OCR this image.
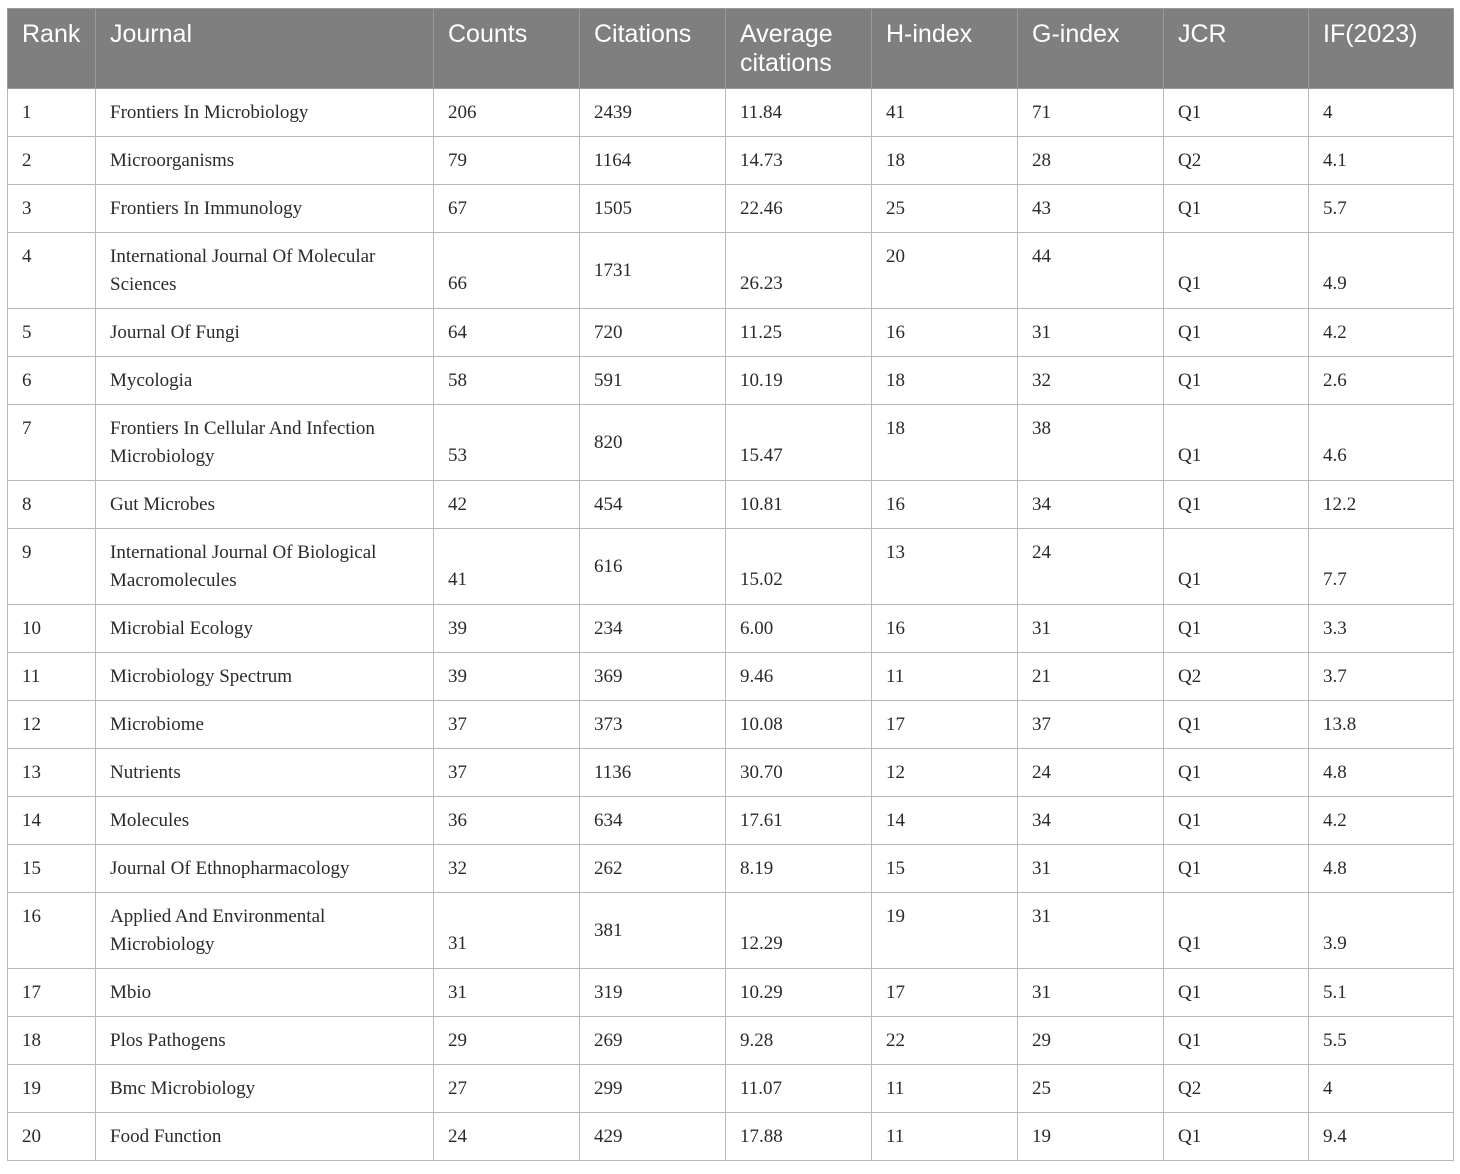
Rank	Journal	Counts	Citations	Average citations	H-index	G-index	JCR	IF(2023)
1	Frontiers In Microbiology	206	2439	11.84	41	71	Q1	4
2	Microorganisms	79	1164	14.73	18	28	Q2	4.1
3	Frontiers In Immunology	67	1505	22.46	25	43	Q1	5.7
4	International Journal Of Molecular Sciences	66	1731	26.23	20	44	Q1	4.9
5	Journal Of Fungi	64	720	11.25	16	31	Q1	4.2
6	Mycologia	58	591	10.19	18	32	Q1	2.6
7	Frontiers In Cellular And Infection Microbiology	53	820	15.47	18	38	Q1	4.6
8	Gut Microbes	42	454	10.81	16	34	Q1	12.2
9	International Journal Of Biological Macromolecules	41	616	15.02	13	24	Q1	7.7
10	Microbial Ecology	39	234	6.00	16	31	Q1	3.3
11	Microbiology Spectrum	39	369	9.46	11	21	Q2	3.7
12	Microbiome	37	373	10.08	17	37	Q1	13.8
13	Nutrients	37	1136	30.70	12	24	Q1	4.8
14	Molecules	36	634	17.61	14	34	Q1	4.2
15	Journal Of Ethnopharmacology	32	262	8.19	15	31	Q1	4.8
16	Applied And Environmental Microbiology	31	381	12.29	19	31	Q1	3.9
17	Mbio	31	319	10.29	17	31	Q1	5.1
18	Plos Pathogens	29	269	9.28	22	29	Q1	5.5
19	Bmc Microbiology	27	299	11.07	11	25	Q2	4
20	Food Function	24	429	17.88	11	19	Q1	9.4
